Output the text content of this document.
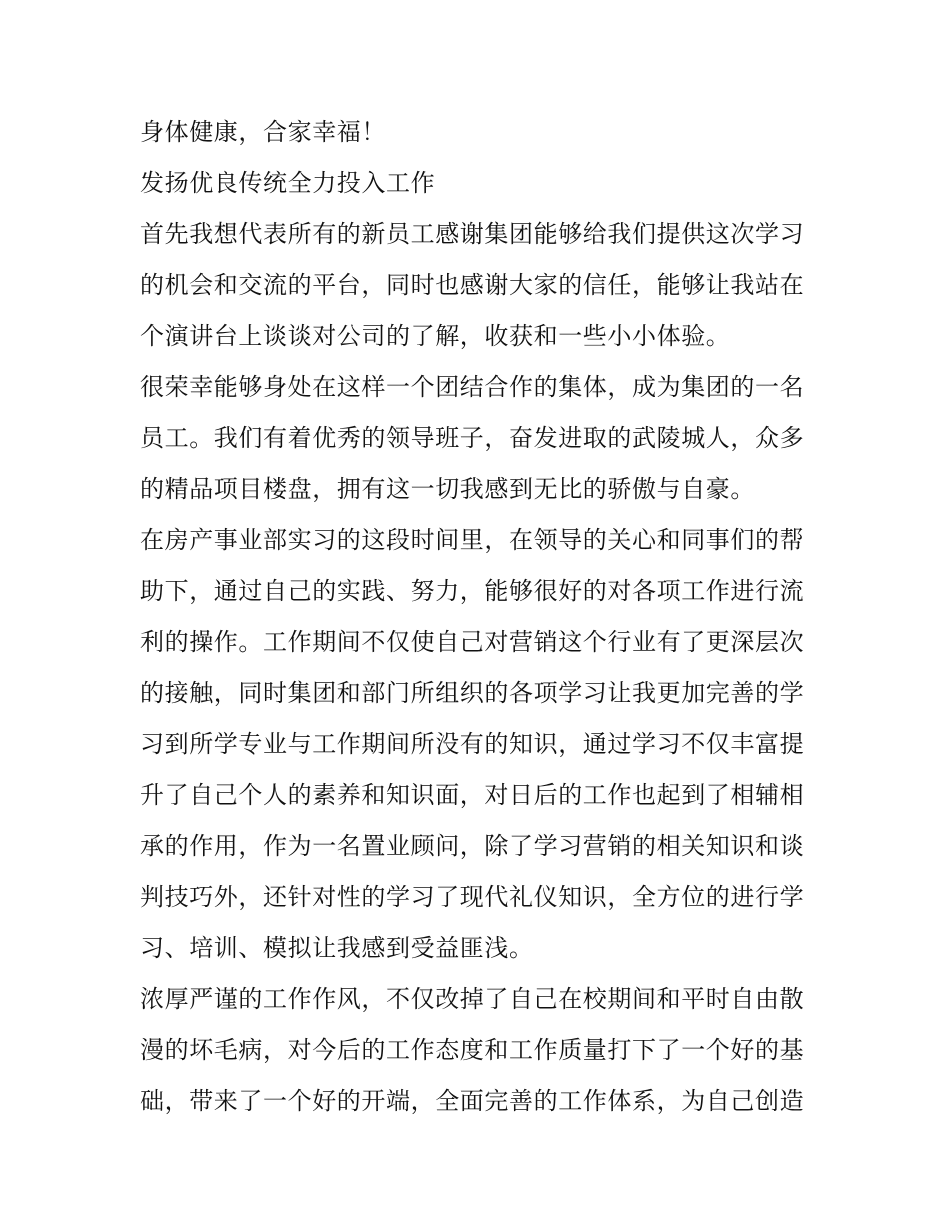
身体健康，合家幸福！
发扬优良传统全力投入工作
首先我想代表所有的新员工感谢集团能够给我们提供这次学习
的机会和交流的平台，同时也感谢大家的信任，能够让我站在
个演讲台上谈谈对公司的了解，收获和一些小小体验。
很荣幸能够身处在这样一个团结合作的集体，成为集团的一名
员工。我们有着优秀的领导班子，奋发进取的武陵城人，众多
的精品项目楼盘，拥有这一切我感到无比的骄傲与自豪。
在房产事业部实习的这段时间里，在领导的关心和同事们的帮
助下，通过自己的实践、努力，能够很好的对各项工作进行流
利的操作。工作期间不仅使自己对营销这个行业有了更深层次
的接触，同时集团和部门所组织的各项学习让我更加完善的学
习到所学专业与工作期间所没有的知识，通过学习不仅丰富提
升了自己个人的素养和知识面，对日后的工作也起到了相辅相
承的作用，作为一名置业顾问，除了学习营销的相关知识和谈
判技巧外，还针对性的学习了现代礼仪知识，全方位的进行学
习、培训、模拟让我感到受益匪浅。
浓厚严谨的工作作风，不仅改掉了自己在校期间和平时自由散
漫的坏毛病，对今后的工作态度和工作质量打下了一个好的基
础，带来了一个好的开端，全面完善的工作体系，为自己创造
